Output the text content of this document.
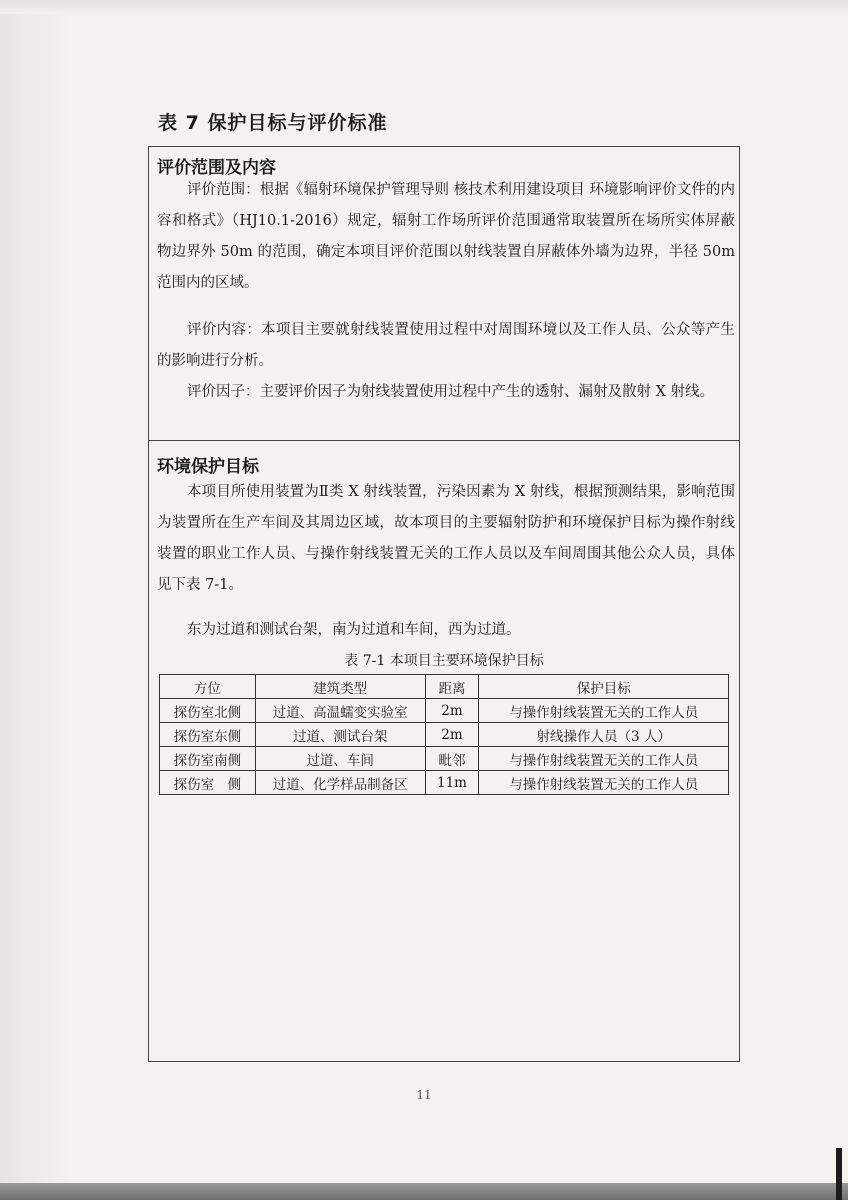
表 7 保护目标与评价标准
评价范围及内容

评价范围：根据《辐射环境保护管理导则 核技术利用建设项目 环境影响评价文件的内容和格式》（HJ10.1-2016）规定，辐射工作场所评价范围通常取装置所在场所实体屏蔽物边界外 50m 的范围，确定本项目评价范围以射线装置自屏蔽体外墙为边界，半径 50m 范围内的区域。

评价内容：本项目主要就射线装置使用过程中对周围环境以及工作人员、公众等产生的影响进行分析。

评价因子：主要评价因子为射线装置使用过程中产生的透射、漏射及散射 X 射线。

环境保护目标

本项目所使用装置为Ⅱ类 X 射线装置，污染因素为 X 射线，根据预测结果，影响范围为装置所在生产车间及其周边区域，故本项目的主要辐射防护和环境保护目标为操作射线装置的职业工作人员、与操作射线装置无关的工作人员以及车间周围其他公众人员，具体见下表 7-1。

东为过道和测试台架，南为过道和车间，西为过道。

表 7-1 本项目主要环境保护目标
方位	建筑类型	距离	保护目标
探伤室北侧	过道、高温蠕变实验室	2m	与操作射线装置无关的工作人员
探伤室东侧	过道、测试台架	2m	射线操作人员（3 人）
探伤室南侧	过道、车间	毗邻	与操作射线装置无关的工作人员
探伤室　侧	过道、化学样品制备区	11m	与操作射线装置无关的工作人员
11
